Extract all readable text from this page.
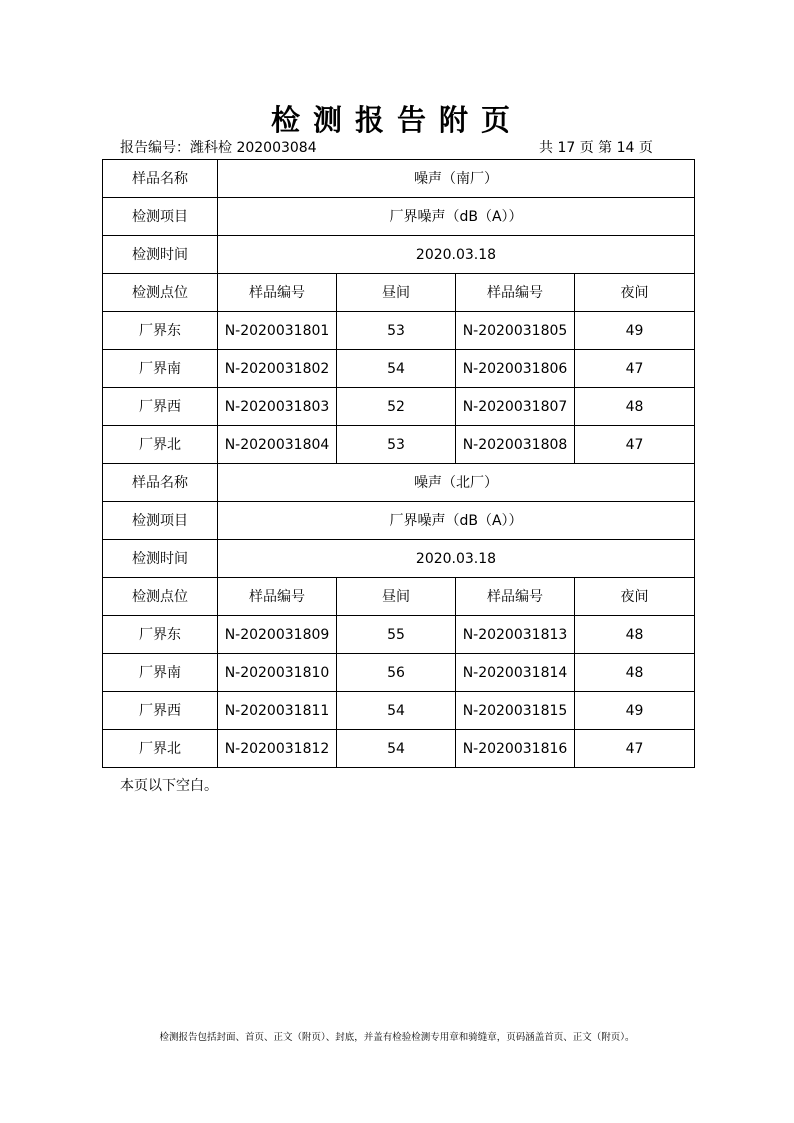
检测报告附页
报告编号：潍科检 202003084	共 17 页 第 14 页
样品名称	噪声（南厂）			
检测项目	厂界噪声（dB（A））			
检测时间	2020.03.18			
检测点位	样品编号	昼间	样品编号	夜间
厂界东	N-2020031801	53	N-2020031805	49
厂界南	N-2020031802	54	N-2020031806	47
厂界西	N-2020031803	52	N-2020031807	48
厂界北	N-2020031804	53	N-2020031808	47
样品名称	噪声（北厂）			
检测项目	厂界噪声（dB（A））			
检测时间	2020.03.18			
检测点位	样品编号	昼间	样品编号	夜间
厂界东	N-2020031809	55	N-2020031813	48
厂界南	N-2020031810	56	N-2020031814	48
厂界西	N-2020031811	54	N-2020031815	49
厂界北	N-2020031812	54	N-2020031816	47
本页以下空白。
检测报告包括封面、首页、正文（附页）、封底，并盖有检验检测专用章和骑缝章，页码涵盖首页、正文（附页）。
